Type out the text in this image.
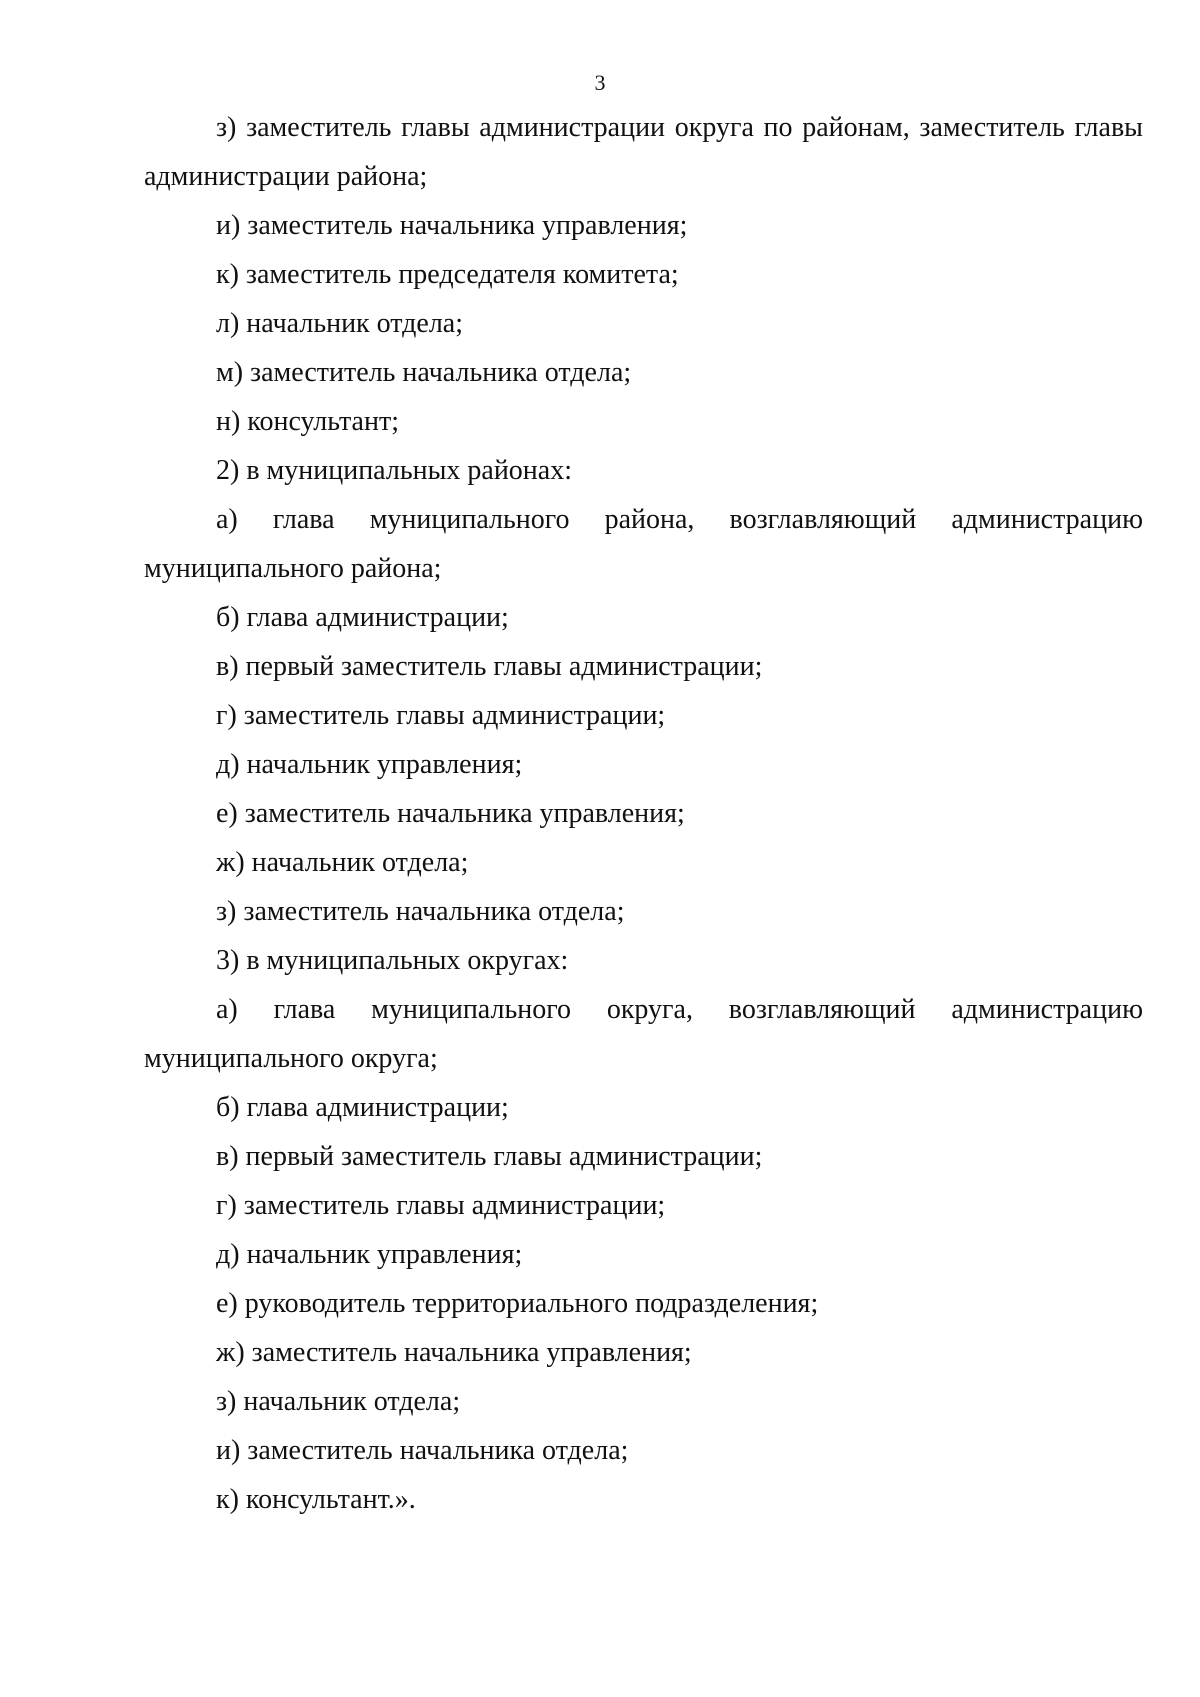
3

з) заместитель главы администрации округа по районам, заместитель главы администрации района;

и) заместитель начальника управления;

к) заместитель председателя комитета;

л) начальник отдела;

м) заместитель начальника отдела;

н) консультант;

2) в муниципальных районах:

а) глава муниципального района, возглавляющий администрацию муниципального района;

б) глава администрации;

в) первый заместитель главы администрации;

г) заместитель главы администрации;

д) начальник управления;

е) заместитель начальника управления;

ж) начальник отдела;

з) заместитель начальника отдела;

3) в муниципальных округах:

а) глава муниципального округа, возглавляющий администрацию муниципального округа;

б) глава администрации;

в) первый заместитель главы администрации;

г) заместитель главы администрации;

д) начальник управления;

е) руководитель территориального подразделения;

ж) заместитель начальника управления;

з) начальник отдела;

и) заместитель начальника отдела;

к) консультант.».
